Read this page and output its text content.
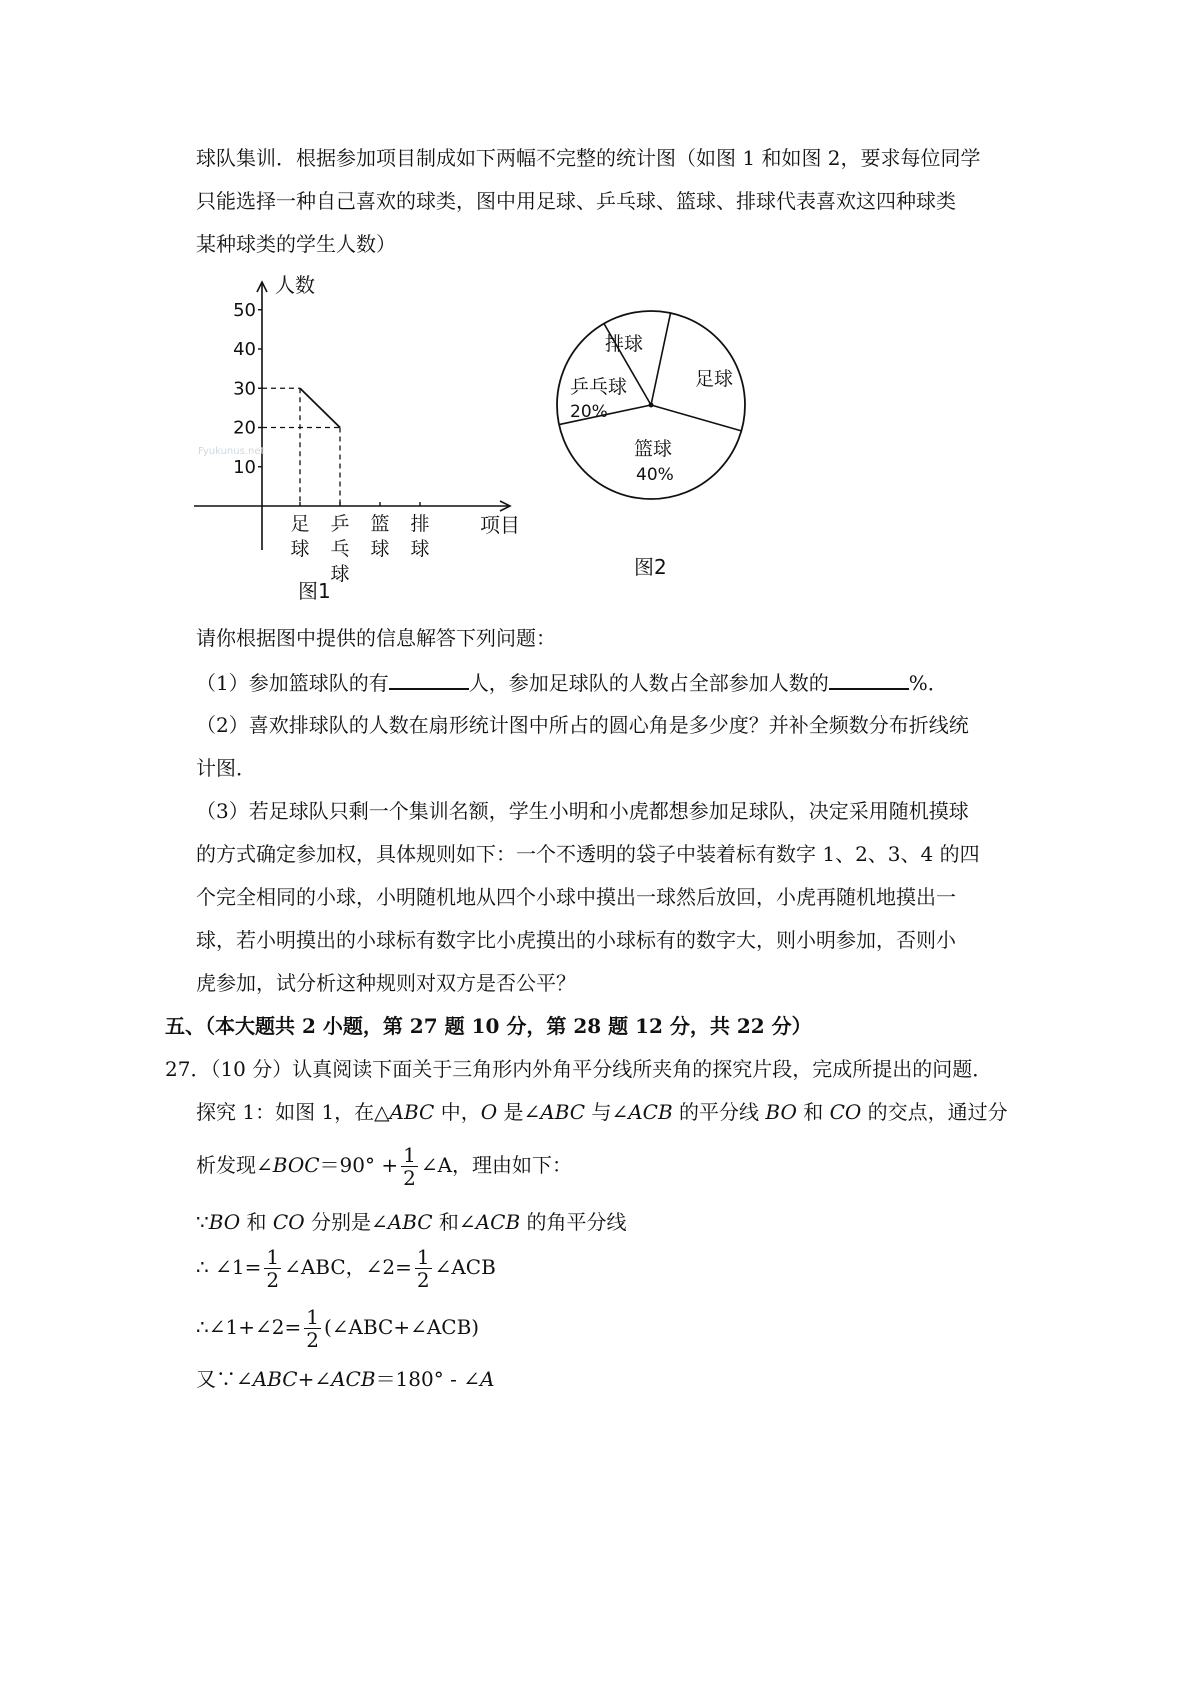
球队集训．根据参加项目制成如下两幅不完整的统计图（如图 1 和如图 2，要求每位同学
只能选择一种自己喜欢的球类，图中用足球、乒乓球、篮球、排球代表喜欢这四种球类
某种球类的学生人数）
10
20
30
40
50
足
球
乒
乓
球
篮
球
排
球
人数
项目
Fyukunus.net
图1
足球
篮球
40%
乒乓球
20%
排球
图2
请你根据图中提供的信息解答下列问题：
（1）参加篮球队的有	人，参加足球队的人数占全部参加人数的	%．
（2）喜欢排球队的人数在扇形统计图中所占的圆心角是多少度？并补全频数分布折线统
计图．
（3）若足球队只剩一个集训名额，学生小明和小虎都想参加足球队，决定采用随机摸球
的方式确定参加权，具体规则如下：一个不透明的袋子中装着标有数字 1、2、3、4 的四
个完全相同的小球，小明随机地从四个小球中摸出一球然后放回，小虎再随机地摸出一
球，若小明摸出的小球标有数字比小虎摸出的小球标有的数字大，则小明参加，否则小
虎参加，试分析这种规则对双方是否公平？
五、（本大题共 2 小题，第 27 题 10 分，第 28 题 12 分，共 22 分）
27．（10 分）认真阅读下面关于三角形内外角平分线所夹角的探究片段，完成所提出的问题．
探究 1：如图 1，在△ABC 中，O 是∠ABC 与∠ACB 的平分线 BO 和 CO 的交点，通过分
析发现∠BOC＝90° + $\frac{1}{2}$ ∠A，理由如下：
∵BO 和 CO 分别是∠ABC 和∠ACB 的角平分线
∴ ∠1= $\frac{1}{2}$ ∠ABC，∠2= $\frac{1}{2}$ ∠ACB
∴∠1+∠2= $\frac{1}{2}$ (∠ABC+∠ACB)
又∵∠ABC+∠ACB＝180° - ∠A
